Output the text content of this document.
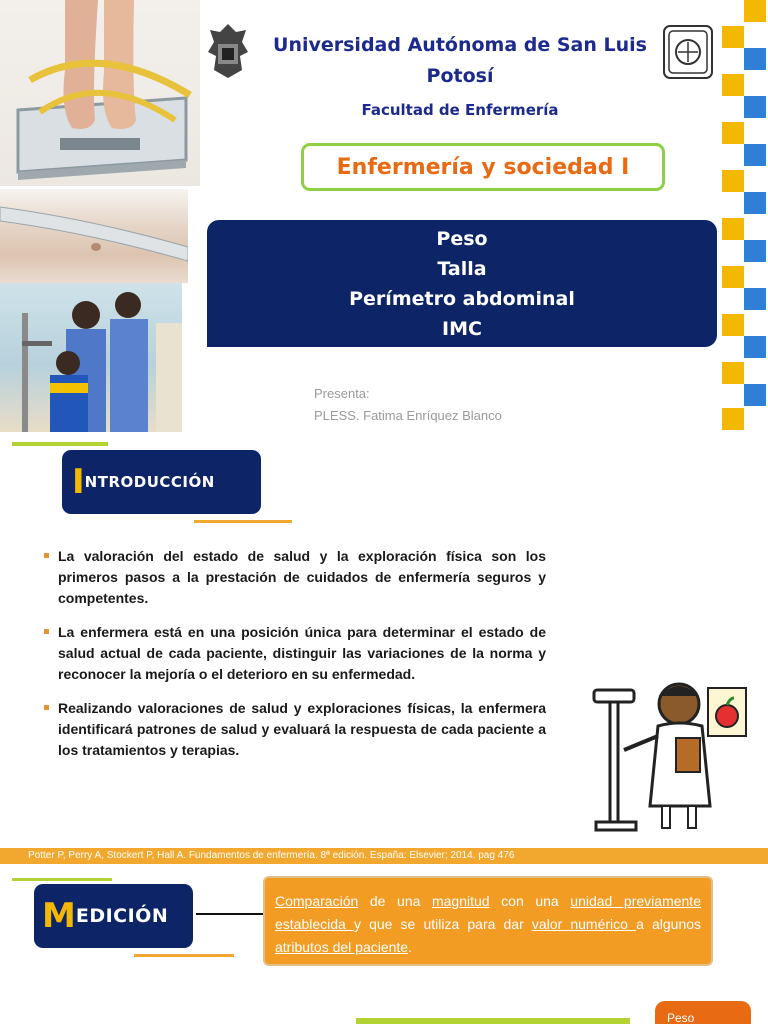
Universidad Autónoma de San Luis Potosí
Facultad de Enfermería
Enfermería y sociedad I
Peso
Talla
Perímetro abdominal
IMC
Presenta:
PLESS. Fatima Enríquez Blanco
I NTRODUCCIÓN
La valoración del estado de salud y la exploración física son los primeros pasos a la prestación de cuidados de enfermería seguros y competentes.
La enfermera está en una posición única para determinar el estado de salud actual de cada paciente, distinguir las variaciones de la norma y reconocer la mejoría o el deterioro en su enfermedad.
Realizando valoraciones de salud y exploraciones físicas, la enfermera identificará patrones de salud y evaluará la respuesta de cada paciente a los tratamientos y terapias.
Potter P, Perry A, Stockert P, Hall A. Fundamentos de enfermería. 8ª edición. España: Elsevier; 2014. pag 476
M EDICIÓN
Comparación de una magnitud con una unidad previamente establecida y que se utiliza para dar valor numérico a algunos atributos del paciente.
Peso
